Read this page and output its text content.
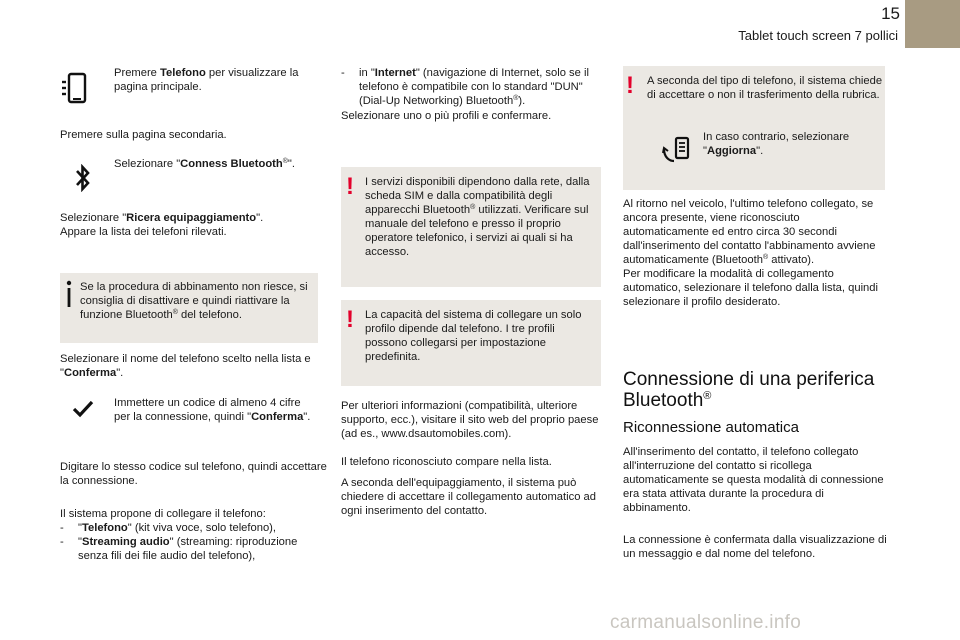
15
Tablet touch screen 7 pollici
Premere Telefono per visualizzare la pagina principale.
Premere sulla pagina secondaria.
Selezionare "Conness Bluetooth®".
Selezionare "Ricera equipaggiamento".
Appare la lista dei telefoni rilevati.
Se la procedura di abbinamento non riesce, si consiglia di disattivare e quindi riattivare la funzione Bluetooth® del telefono.
Selezionare il nome del telefono scelto nella lista e "Conferma".
Immettere un codice di almeno 4 cifre per la connessione, quindi "Conferma".
Digitare lo stesso codice sul telefono, quindi accettare la connessione.
Il sistema propone di collegare il telefono:
- "Telefono" (kit viva voce, solo telefono),
- "Streaming audio" (streaming: riproduzione senza fili dei file audio del telefono),
- in "Internet" (navigazione di Internet, solo se il telefono è compatibile con lo standard "DUN" (Dial-Up Networking) Bluetooth®).
Selezionare uno o più profili e confermare.
! I servizi disponibili dipendono dalla rete, dalla scheda SIM e dalla compatibilità degli apparecchi Bluetooth® utilizzati. Verificare sul manuale del telefono e presso il proprio operatore telefonico, i servizi ai quali si ha accesso.
! La capacità del sistema di collegare un solo profilo dipende dal telefono. I tre profili possono collegarsi per impostazione predefinita.
Per ulteriori informazioni (compatibilità, ulteriore supporto, ecc.), visitare il sito web del proprio paese (ad es., www.dsautomobiles.com).
Il telefono riconosciuto compare nella lista.
A seconda dell'equipaggiamento, il sistema può chiedere di accettare il collegamento automatico ad ogni inserimento del contatto.
!	A seconda del tipo di telefono, il sistema chiede di accettare o non il trasferimento della rubrica.
In caso contrario, selezionare "Aggiorna".
Al ritorno nel veicolo, l'ultimo telefono collegato, se ancora presente, viene riconosciuto automaticamente ed entro circa 30 secondi dall'inserimento del contatto l'abbinamento avviene automaticamente (Bluetooth® attivato).
Per modificare la modalità di collegamento automatico, selezionare il telefono dalla lista, quindi selezionare il profilo desiderato.
Connessione di una periferica
Bluetooth®
Riconnessione automatica
All'inserimento del contatto, il telefono collegato all'interruzione del contatto si ricollega automaticamente se questa modalità di connessione era stata attivata durante la procedura di abbinamento.
La connessione è confermata dalla visualizzazione di un messaggio e dal nome del telefono.
carmanualsonline.info
